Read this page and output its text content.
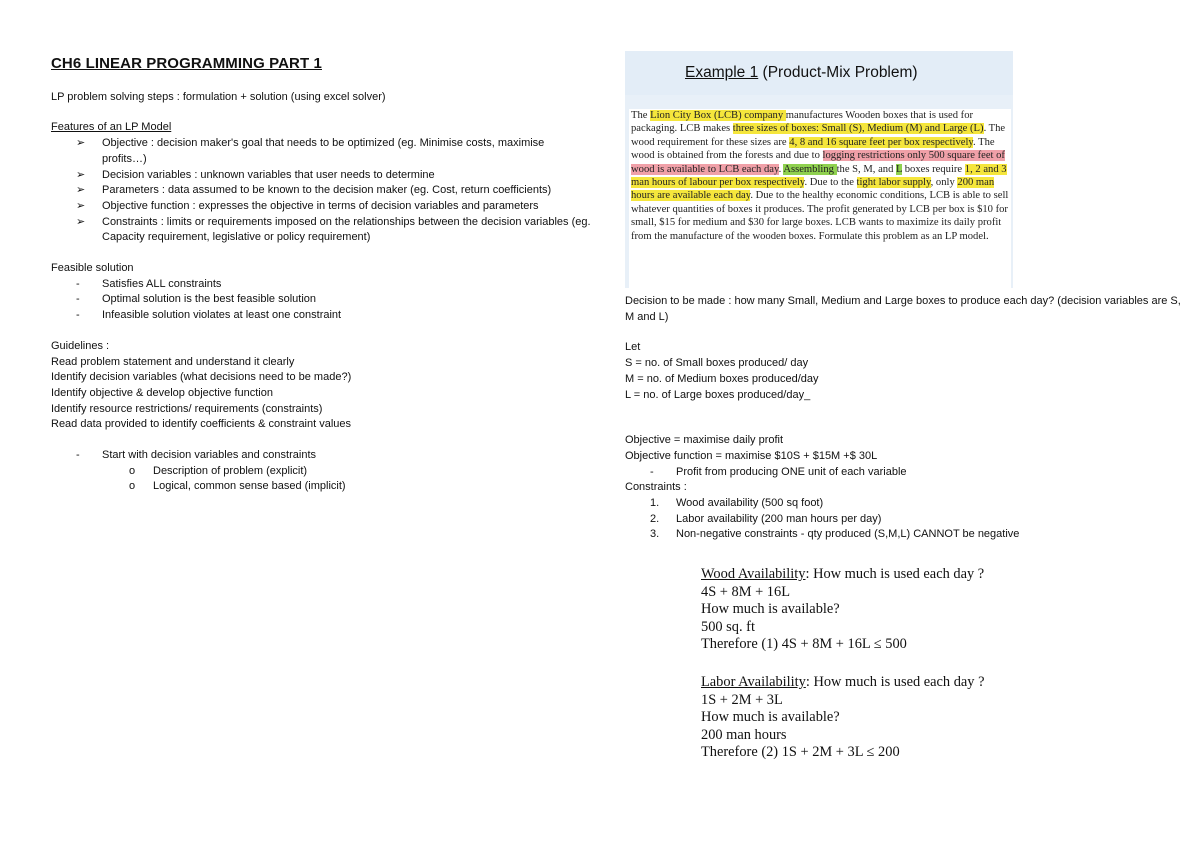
CH6 LINEAR PROGRAMMING PART 1
LP problem solving steps : formulation + solution (using excel solver)
Features of an LP Model
➢ Objective : decision maker's goal that needs to be optimized (eg. Minimise costs, maximise profits…)
➢ Decision variables : unknown variables that user needs to determine
➢ Parameters : data assumed to be known to the decision maker (eg. Cost, return coefficients)
➢ Objective function : expresses the objective in terms of decision variables and parameters
➢ Constraints : limits or requirements imposed on the relationships between the decision variables (eg. Capacity requirement, legislative or policy requirement)
Feasible solution
- Satisfies ALL constraints
- Optimal solution is the best feasible solution
- Infeasible solution violates at least one constraint
Guidelines :
Read problem statement and understand it clearly
Identify decision variables (what decisions need to be made?)
Identify objective & develop objective function
Identify resource restrictions/ requirements (constraints)
Read data provided to identify coefficients & constraint values
- Start with decision variables and constraints
o Description of problem (explicit)
o Logical, common sense based (implicit)
Example 1 (Product-Mix Problem)
The Lion City Box (LCB) company manufactures Wooden boxes that is used for packaging. LCB makes three sizes of boxes: Small (S), Medium (M) and Large (L). The wood requirement for these sizes are 4, 8 and 16 square feet per box respectively. The wood is obtained from the forests and due to logging restrictions only 500 square feet of wood is available to LCB each day. Assembling the S, M, and L boxes require 1, 2 and 3 man hours of labour per box respectively. Due to the tight labor supply, only 200 man hours are available each day. Due to the healthy economic conditions, LCB is able to sell whatever quantities of boxes it produces. The profit generated by LCB per box is $10 for small, $15 for medium and $30 for large boxes. LCB wants to maximize its daily profit from the manufacture of the wooden boxes. Formulate this problem as an LP model.
Decision to be made : how many Small, Medium and Large boxes to produce each day? (decision variables are S, M and L)
Let
S = no. of Small boxes produced/ day
M = no. of Medium boxes produced/day
L = no. of Large boxes produced/day_
Objective = maximise daily profit
Objective function = maximise $10S + $15M +$ 30L
- Profit from producing ONE unit of each variable
Constraints :
1. Wood availability (500 sq foot)
2. Labor availability (200 man hours per day)
3. Non-negative constraints - qty produced (S,M,L) CANNOT be negative
Wood Availability: How much is used each day ?
4S + 8M + 16L
How much is available?
500 sq. ft
Therefore (1) 4S + 8M + 16L ≤ 500
Labor Availability: How much is used each day ?
1S + 2M + 3L
How much is available?
200 man hours
Therefore (2) 1S + 2M + 3L ≤ 200
